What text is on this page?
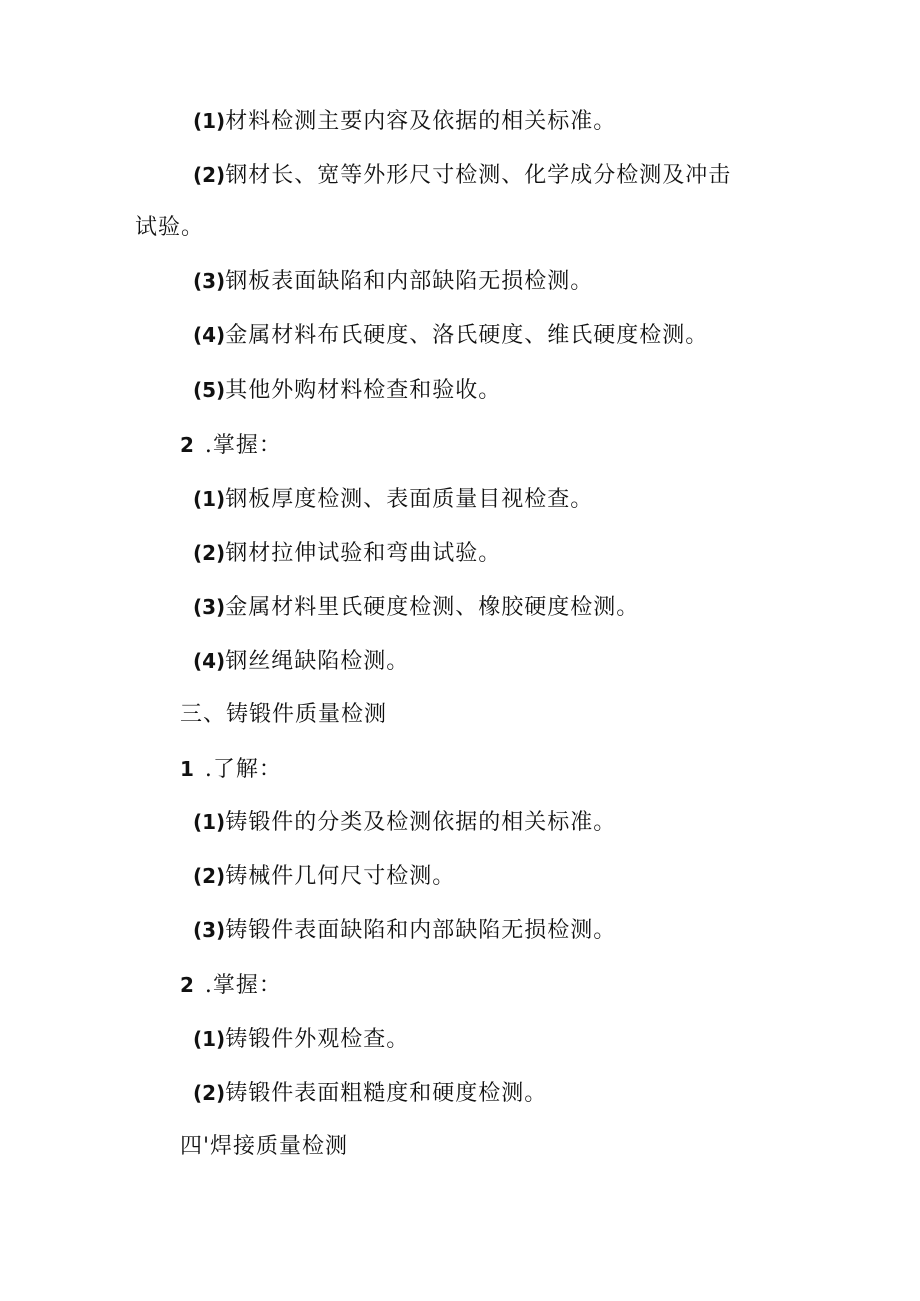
(1)材料检测主要内容及依据的相关标准。
(2)钢材长、宽等外形尺寸检测、化学成分检测及冲击
试验。
(3)钢板表面缺陷和内部缺陷无损检测。
(4)金属材料布氏硬度、洛氏硬度、维氏硬度检测。
(5)其他外购材料检查和验收。
2 .掌握：
(1)钢板厚度检测、表面质量目视检查。
(2)钢材拉伸试验和弯曲试验。
(3)金属材料里氏硬度检测、橡胶硬度检测。
(4)钢丝绳缺陷检测。
三、铸锻件质量检测
1 .了解：
(1)铸锻件的分类及检测依据的相关标准。
(2)铸械件几何尺寸检测。
(3)铸锻件表面缺陷和内部缺陷无损检测。
2 .掌握：
(1)铸锻件外观检查。
(2)铸锻件表面粗糙度和硬度检测。
四'焊接质量检测
